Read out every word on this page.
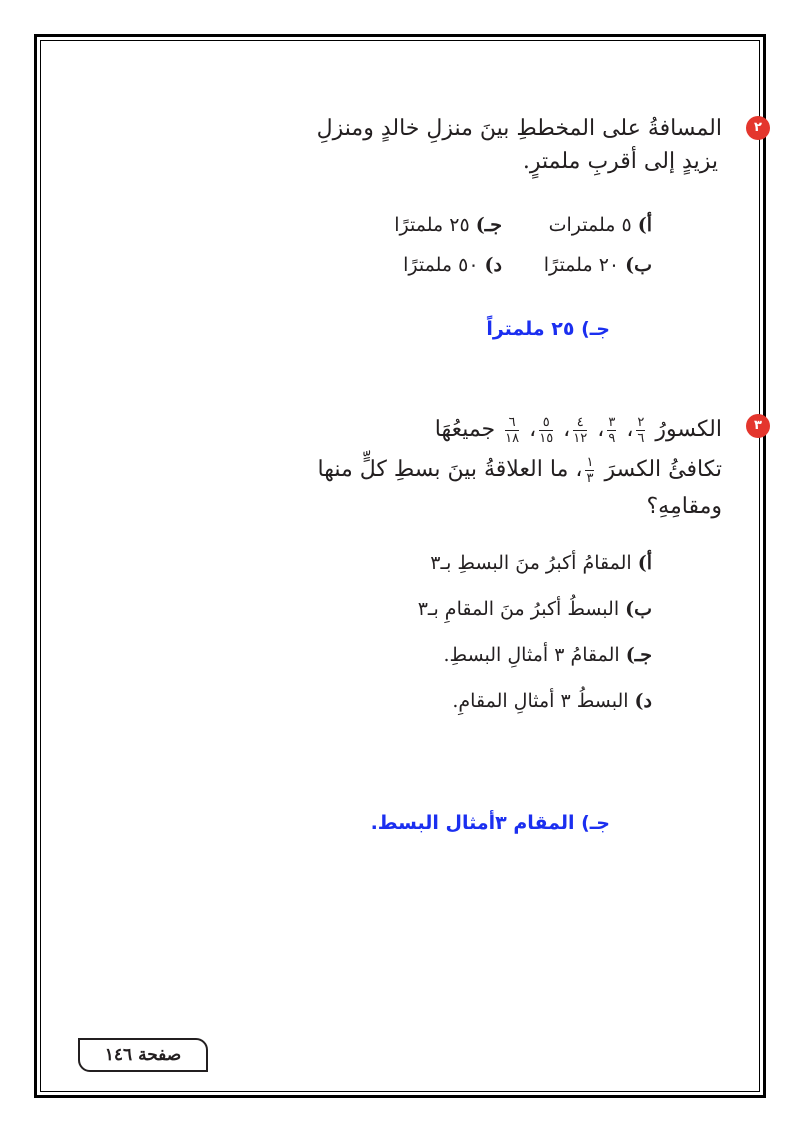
٢
المسافةُ على المخططِ بينَ منزلِ خالدٍ ومنزلِ
يزيدٍ إلى أقربِ ملمترٍ.
أ)٥ ملمترات
جـ)٢٥ ملمترًا
ب)٢٠ ملمترًا
د)٥٠ ملمترًا
جـ) ٢٥ ملمتراً
٣
الكسورُ
$\frac{٢}{٦}$
،
$\frac{٣}{٩}$
،
$\frac{٤}{١٢}$
،
$\frac{٥}{١٥}$
،
$\frac{٦}{١٨}$
جميعُهَا
تكافئُ الكسرَ
$\frac{١}{٣}$
، ما العلاقةُ بينَ بسطِ كلٍّ منها
ومقامِهِ؟
أ)المقامُ أكبرُ منَ البسطِ بـ٣
ب)البسطُ أكبرُ منَ المقامِ بـ٣
جـ)المقامُ ٣ أمثالِ البسطِ.
د)البسطُ ٣ أمثالِ المقامِ.
جـ) المقام ٣أمثال البسط.
صفحة ١٤٦
